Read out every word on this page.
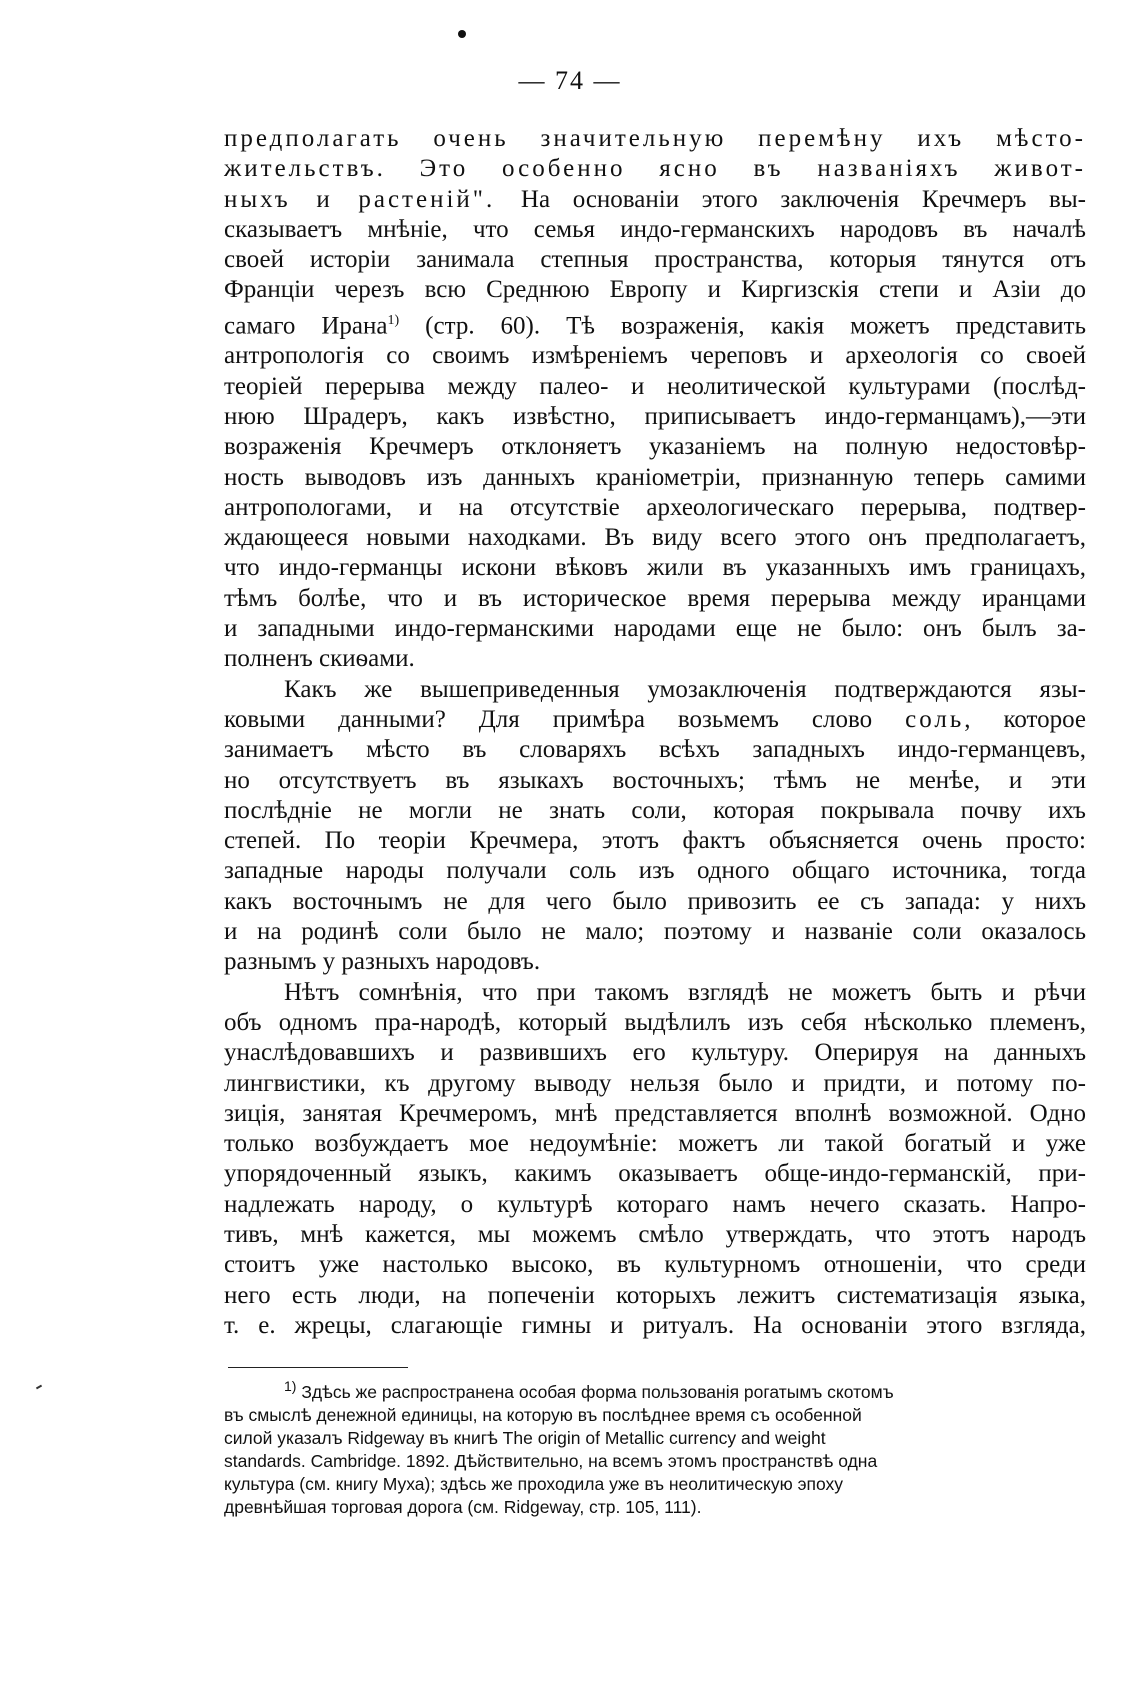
— 74 —

предполагать очень значительную перемѣну ихъ мѣсто-

жительствъ. Это особенно ясно въ названіяхъ живот-

ныхъ и растеній". На основаніи этого заключенія Кречмеръ вы-

сказываетъ мнѣніе, что семья индо-германскихъ народовъ въ началѣ

своей исторіи занимала степныя пространства, которыя тянутся отъ

Франціи черезъ всю Среднюю Европу и Киргизскія степи и Азіи до

самаго Ирана$^{1)}$ (стр. 60). Тѣ возраженія, какія можетъ представить

антропологія со своимъ измѣреніемъ череповъ и археологія со своей

теоріей перерыва между палео- и неолитической культурами (послѣд-

нюю Шрадеръ, какъ извѣстно, приписываетъ индо-германцамъ),—эти

возраженія Кречмеръ отклоняетъ указаніемъ на полную недостовѣр-

ность выводовъ изъ данныхъ краніометріи, признанную теперь самими

антропологами, и на отсутствіе археологическаго перерыва, подтвер-

ждающееся новыми находками. Въ виду всего этого онъ предполагаетъ,

что индо-германцы искони вѣковъ жили въ указанныхъ имъ границахъ,

тѣмъ болѣе, что и въ историческое время перерыва между иранцами

и западными индо-германскими народами еще не было: онъ былъ за-

полненъ скиѳами.

Какъ же вышеприведенныя умозаключенія подтверждаются язы-

ковыми данными? Для примѣра возьмемъ слово соль, которое

занимаетъ мѣсто въ словаряхъ всѣхъ западныхъ индо-германцевъ,

но отсутствуетъ въ языкахъ восточныхъ; тѣмъ не менѣе, и эти

послѣдніе не могли не знать соли, которая покрывала почву ихъ

степей. По теоріи Кречмера, этотъ фактъ объясняется очень просто:

западные народы получали соль изъ одного общаго источника, тогда

какъ восточнымъ не для чего было привозить ее съ запада: у нихъ

и на родинѣ соли было не мало; поэтому и названіе соли оказалось

разнымъ у разныхъ народовъ.

Нѣтъ сомнѣнія, что при такомъ взглядѣ не можетъ быть и рѣчи

объ одномъ пра-народѣ, который выдѣлилъ изъ себя нѣсколько племенъ,

унаслѣдовавшихъ и развившихъ его культуру. Оперируя на данныхъ

лингвистики, къ другому выводу нельзя было и придти, и потому по-

зиція, занятая Кречмеромъ, мнѣ представляется вполнѣ возможной. Одно

только возбуждаетъ мое недоумѣніе: можетъ ли такой богатый и уже

упорядоченный языкъ, какимъ оказываетъ обще-индо-германскій, при-

надлежать народу, о культурѣ котораго намъ нечего сказать. Напро-

тивъ, мнѣ кажется, мы можемъ смѣло утверждать, что этотъ народъ

стоитъ уже настолько высоко, въ культурномъ отношеніи, что среди

него есть люди, на попеченіи которыхъ лежитъ систематизація языка,

т. е. жрецы, слагающіе гимны и ритуалъ. На основаніи этого взгляда,

$^{1)}$ Здѣсь же распространена особая форма пользованія рогатымъ скотомъ

въ смыслѣ денежной единицы, на которую въ послѣднее время съ особенной

силой указалъ Ridgeway въ книгѣ The origin of Metallic currency and weight

standards. Cambridge. 1892. Дѣйствительно, на всемъ этомъ пространствѣ одна

культура (см. книгу Муха); здѣсь же проходила уже въ неолитическую эпоху

древнѣйшая торговая дорога (см. Ridgeway, стр. 105, 111).
